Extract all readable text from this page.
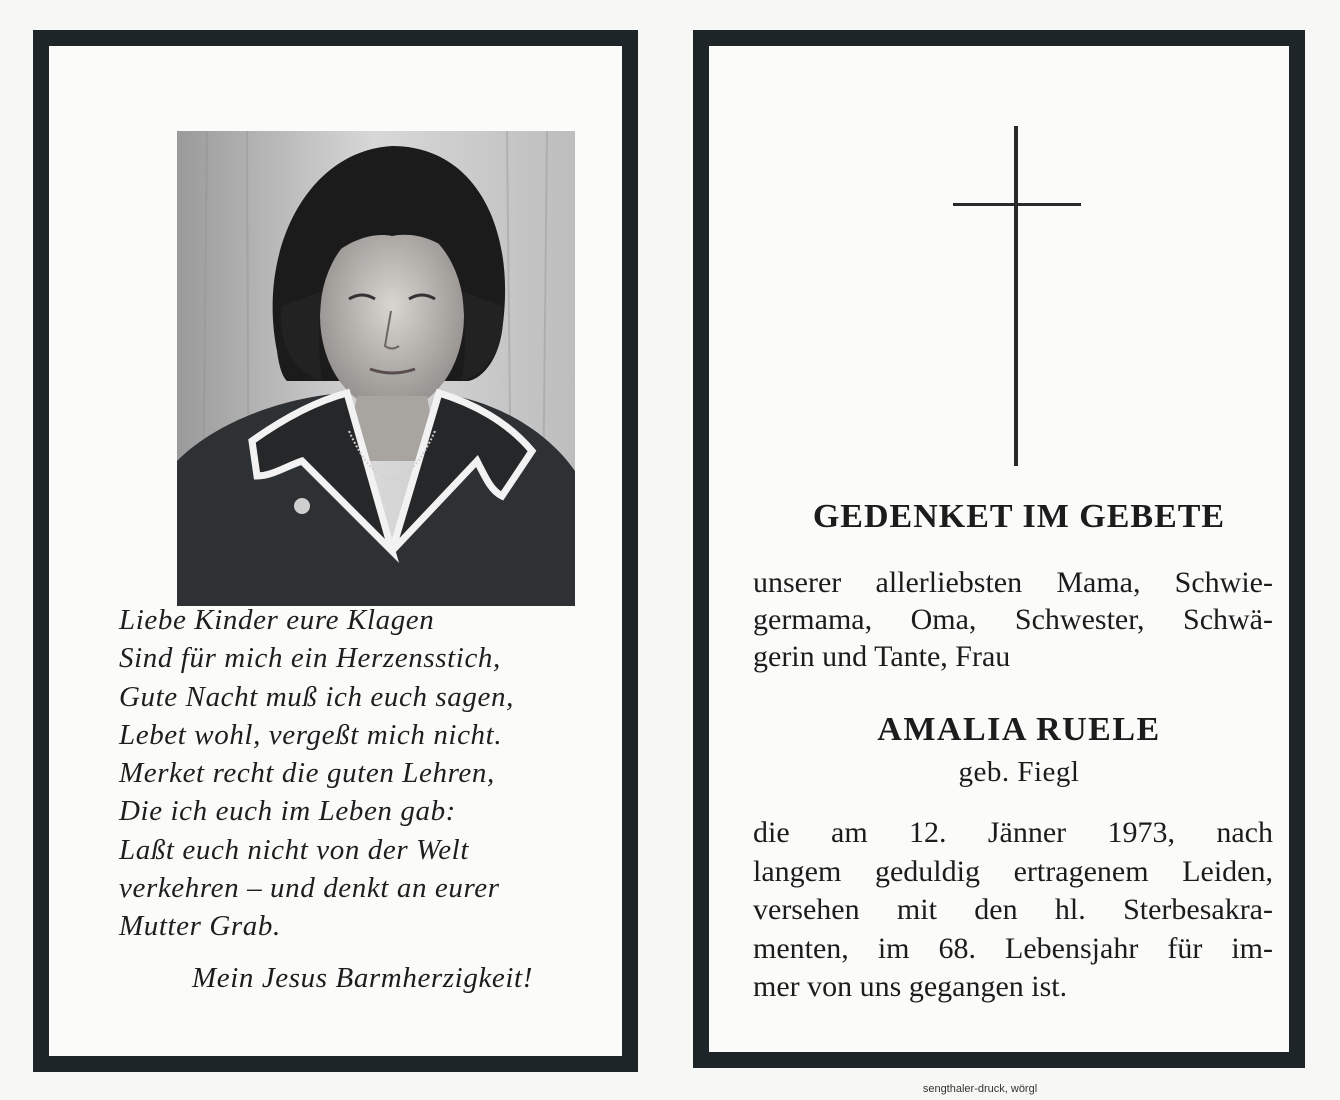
Liebe Kinder eure Klagen
Sind für mich ein Herzensstich,
Gute Nacht muß ich euch sagen,
Lebet wohl, vergeßt mich nicht.
Merket recht die guten Lehren,
Die ich euch im Leben gab:
Laßt euch nicht von der Welt
verkehren – und denkt an eurer
Mutter Grab.
Mein Jesus Barmherzigkeit!
GEDENKET IM GEBETE
unserer allerliebsten Mama, Schwie-
germama, Oma, Schwester, Schwä-
gerin und Tante, Frau
AMALIA RUELE
geb. Fiegl
die am 12. Jänner 1973, nach
langem geduldig ertragenem Leiden,
versehen mit den hl. Sterbesakra-
menten, im 68. Lebensjahr für im-
mer von uns gegangen ist.
sengthaler-druck, wörgl
